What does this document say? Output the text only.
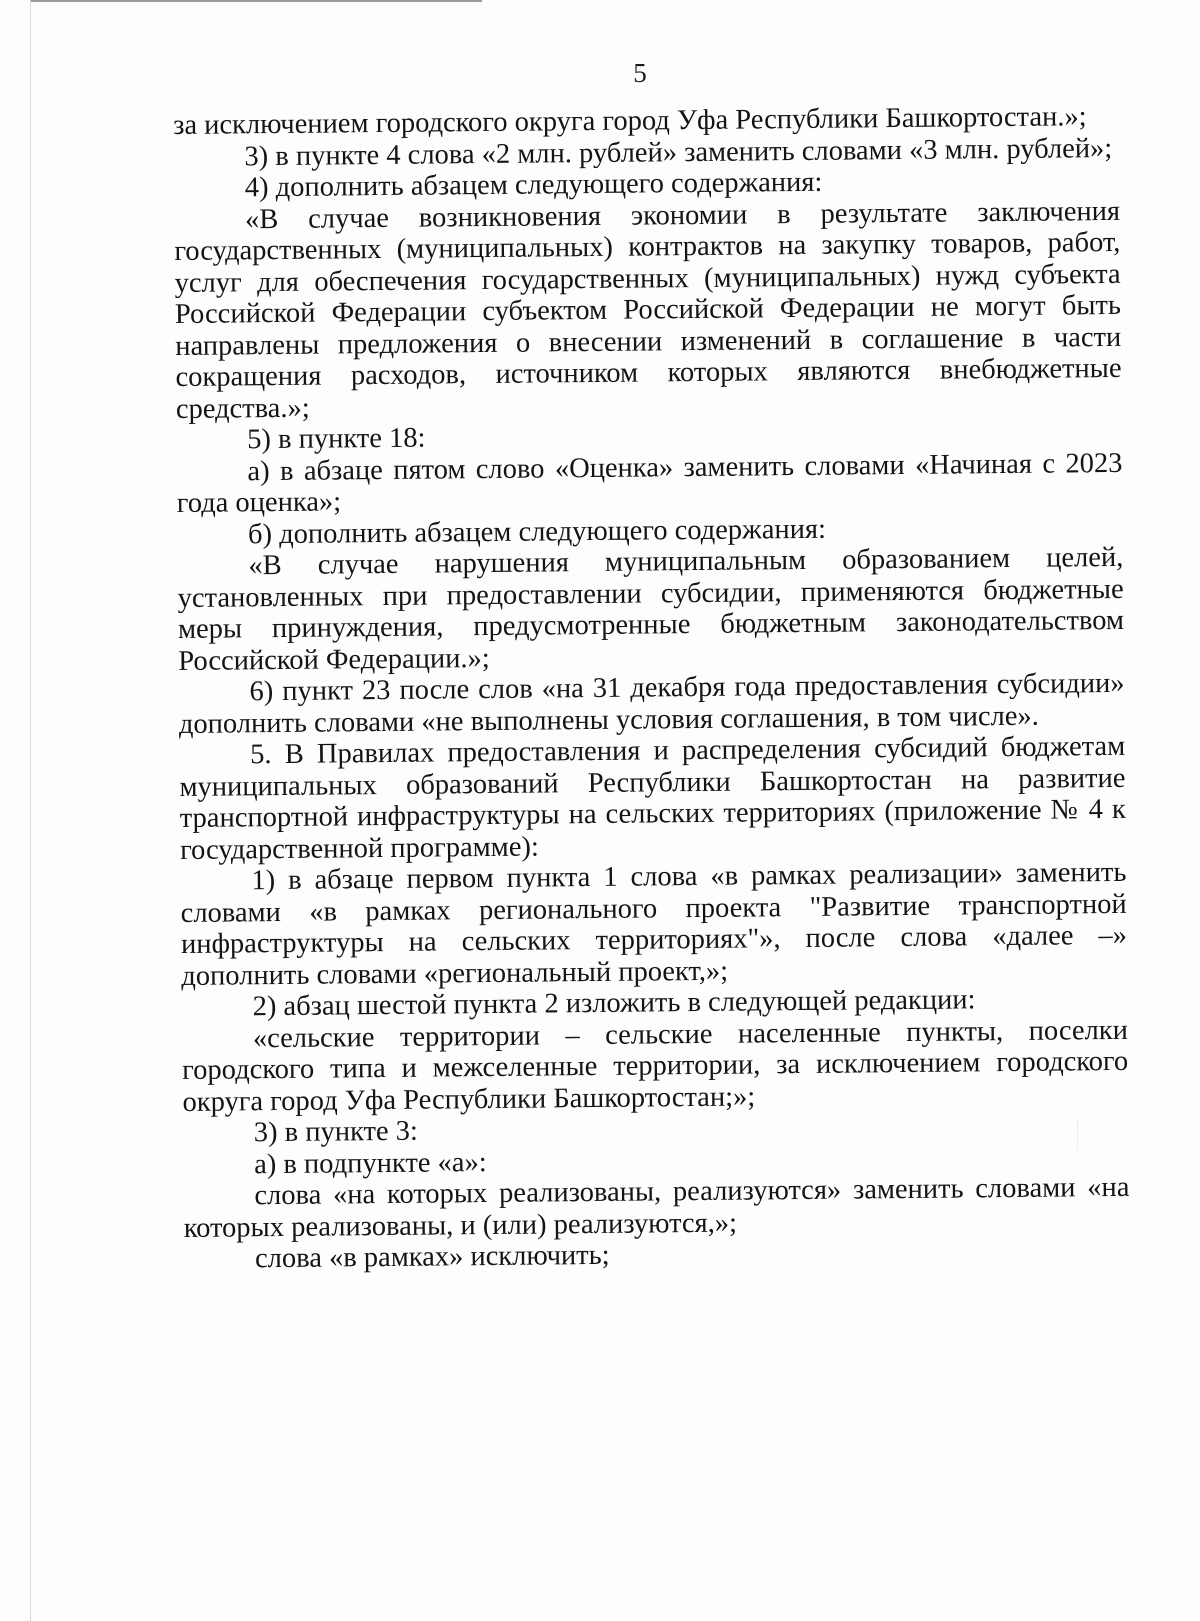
5

за исключением городского округа город Уфа Республики Башкортостан.»;

3) в пункте 4 слова «2 млн. рублей» заменить словами «3 млн. рублей»;

4) дополнить абзацем следующего содержания:

«В случае возникновения экономии в результате заключения государственных (муниципальных) контрактов на закупку товаров, работ, услуг для обеспечения государственных (муниципальных) нужд субъекта Российской Федерации субъектом Российской Федерации не могут быть направлены предложения о внесении изменений в соглашение в части сокращения расходов, источником которых являются внебюджетные средства.»;

5) в пункте 18:

а) в абзаце пятом слово «Оценка» заменить словами «Начиная с 2023 года оценка»;

б) дополнить абзацем следующего содержания:

«В случае нарушения муниципальным образованием целей, установленных при предоставлении субсидии, применяются бюджетные меры принуждения, предусмотренные бюджетным законодательством Российской Федерации.»;

6) пункт 23 после слов «на 31 декабря года предоставления субсидии» дополнить словами «не выполнены условия соглашения, в том числе».

5. В Правилах предоставления и распределения субсидий бюджетам муниципальных образований Республики Башкортостан на развитие транспортной инфраструктуры на сельских территориях (приложение № 4 к государственной программе):

1) в абзаце первом пункта 1 слова «в рамках реализации» заменить словами «в рамках регионального проекта "Развитие транспортной инфраструктуры на сельских территориях"», после слова «далее –» дополнить словами «региональный проект,»;

2) абзац шестой пункта 2 изложить в следующей редакции:

«сельские территории – сельские населенные пункты, поселки городского типа и межселенные территории, за исключением городского округа город Уфа Республики Башкортостан;»;

3) в пункте 3:

а) в подпункте «а»:

слова «на которых реализованы, реализуются» заменить словами «на которых реализованы, и (или) реализуются,»;

слова «в рамках» исключить;
